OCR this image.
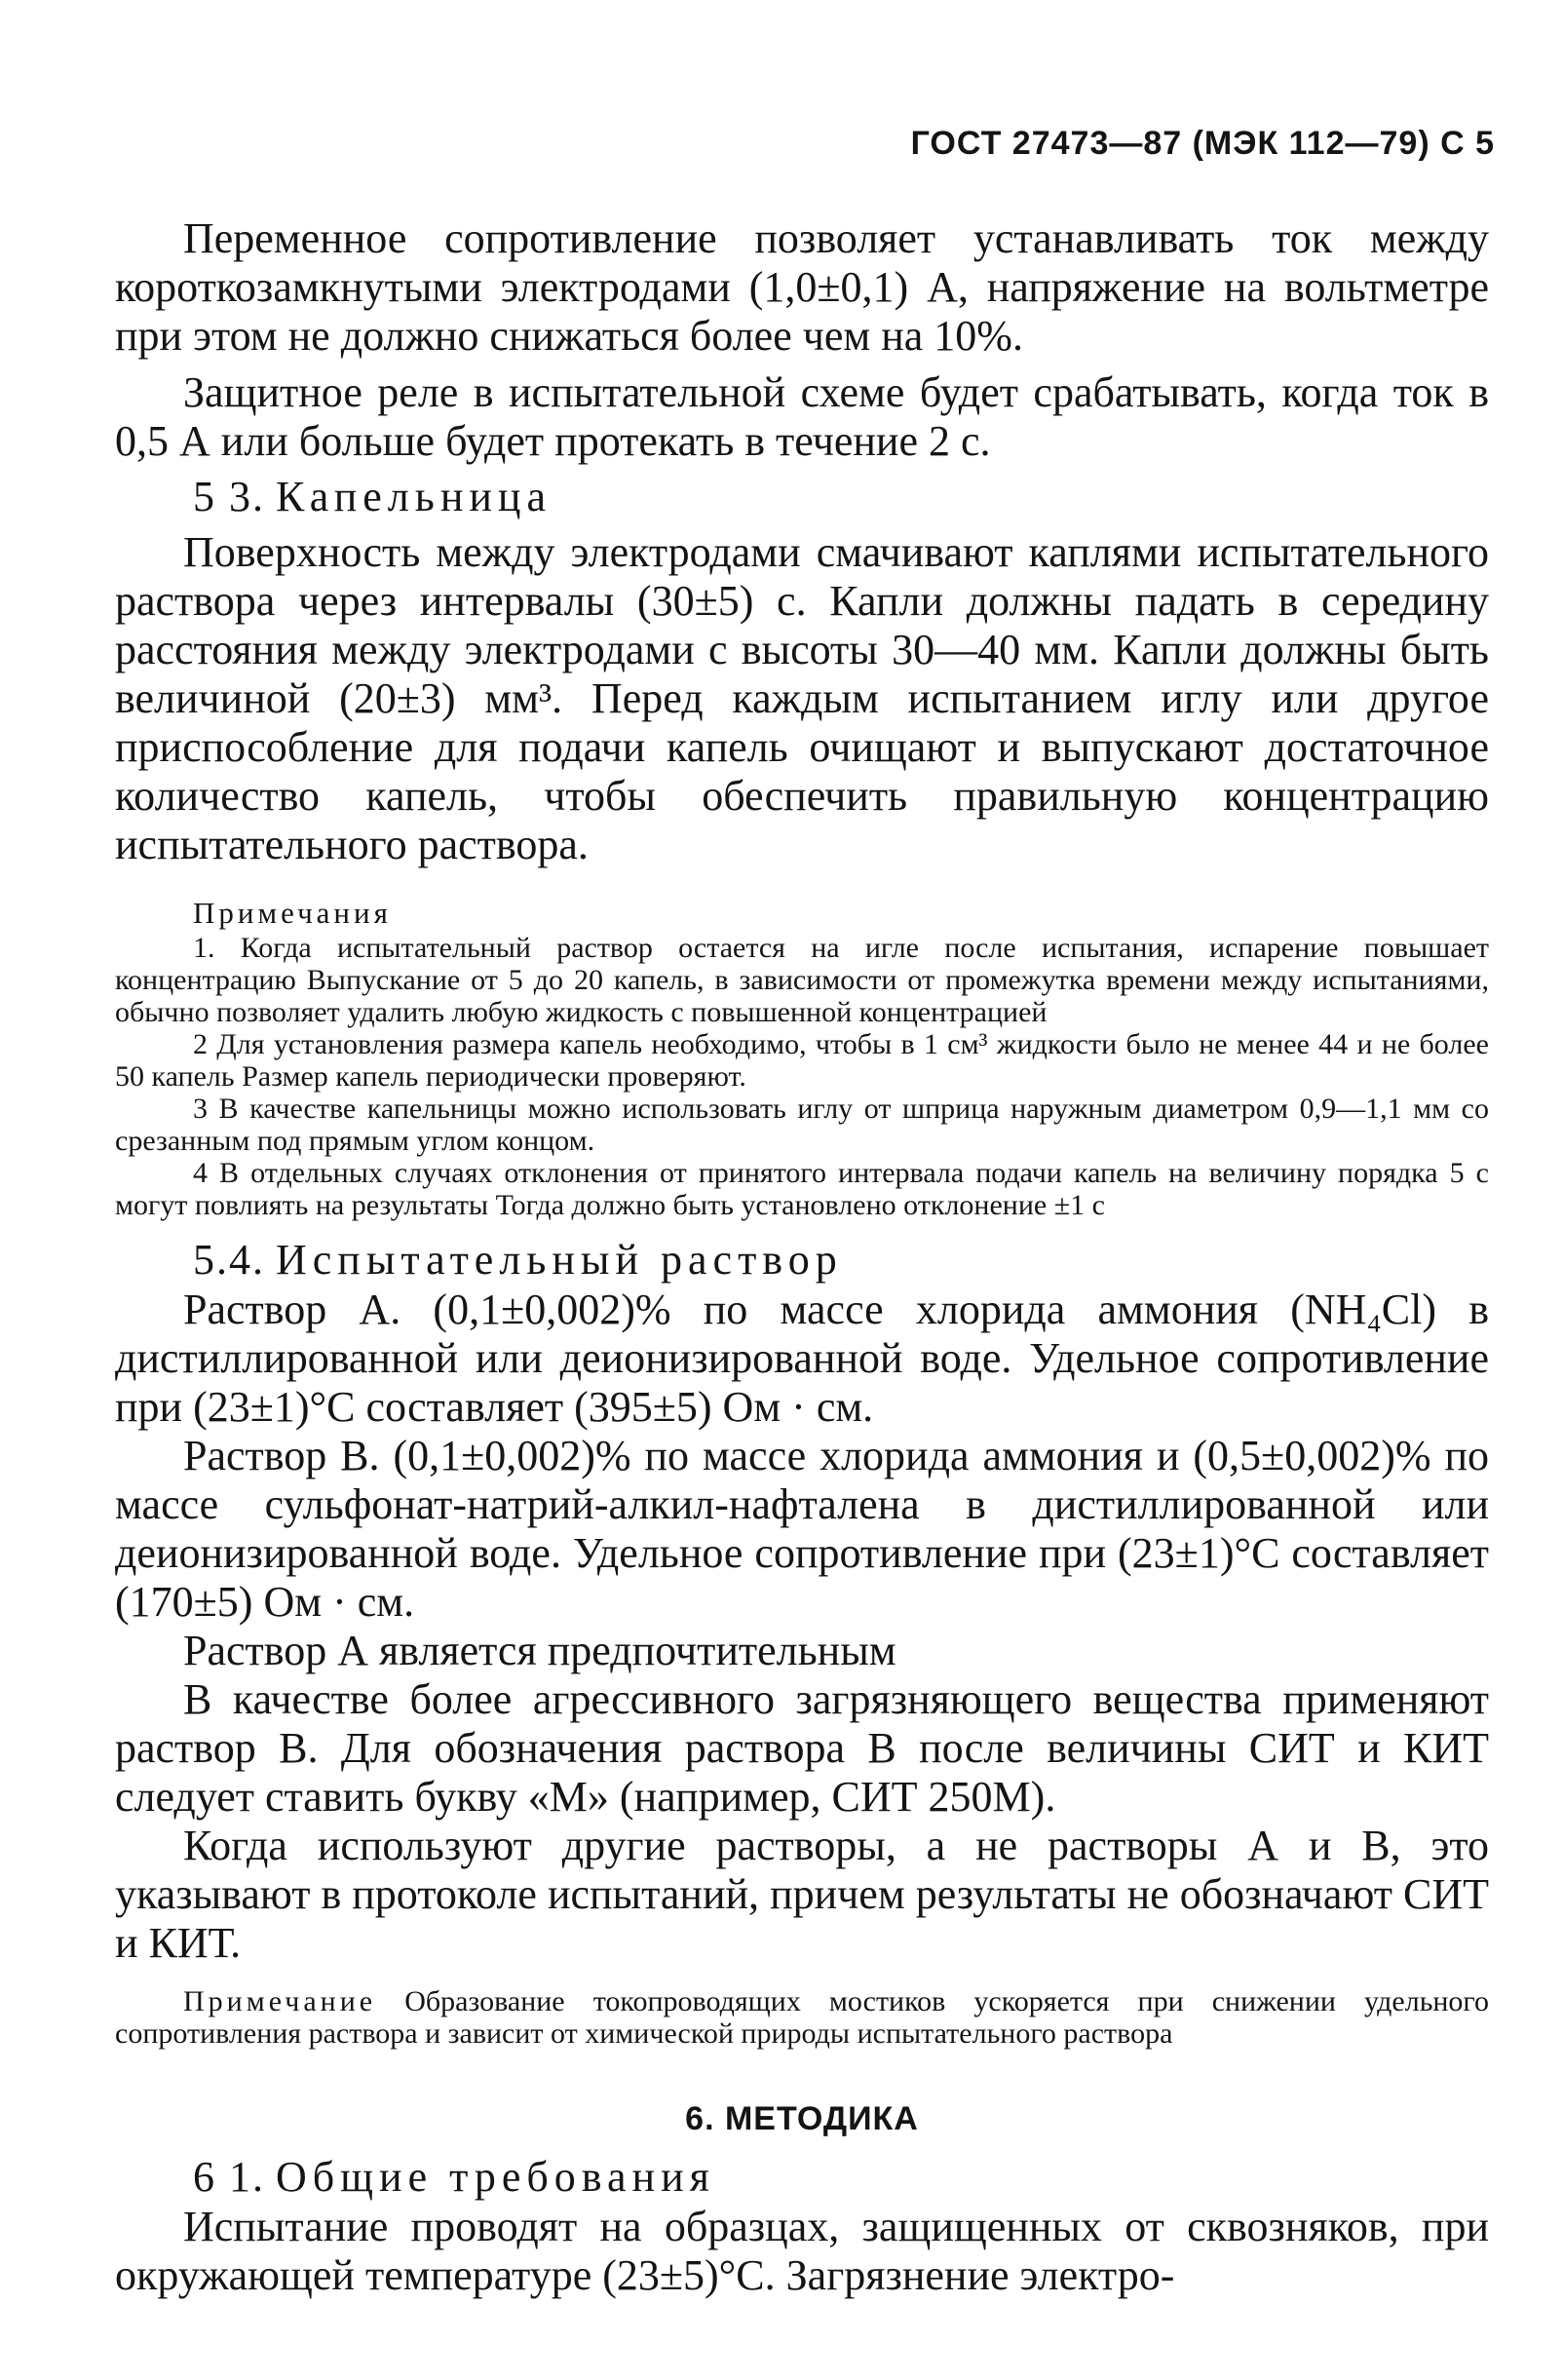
ГОСТ 27473—87 (МЭК 112—79) С 5

Переменное сопротивление позволяет устанавливать ток между короткозамкнутыми электродами (1,0±0,1) А, напряжение на вольтметре при этом не должно снижаться более чем на 10%.

Защитное реле в испытательной схеме будет срабатывать, когда ток в 0,5 А или больше будет протекать в течение 2 с.

5 3. Капельница

Поверхность между электродами смачивают каплями испытательного раствора через интервалы (30±5) с. Капли должны падать в середину расстояния между электродами с высоты 30—40 мм. Капли должны быть величиной (20±3) мм³. Перед каждым испытанием иглу или другое приспособление для подачи капель очищают и выпускают достаточное количество капель, чтобы обеспечить правильную концентрацию испытательного раствора.

Примечания

1. Когда испытательный раствор остается на игле после испытания, испарение повышает концентрацию Выпускание от 5 до 20 капель, в зависимости от промежутка времени между испытаниями, обычно позволяет удалить любую жидкость с повышенной концентрацией

2 Для установления размера капель необходимо, чтобы в 1 см³ жидкости было не менее 44 и не более 50 капель Размер капель периодически проверяют.

3 В качестве капельницы можно использовать иглу от шприца наружным диаметром 0,9—1,1 мм со срезанным под прямым углом концом.

4 В отдельных случаях отклонения от принятого интервала подачи капель на величину порядка 5 с могут повлиять на результаты Тогда должно быть установлено отклонение ±1 с

5.4. Испытательный раствор

Раствор А. (0,1±0,002)% по массе хлорида аммония (NH₄Cl) в дистиллированной или деионизированной воде. Удельное сопротивление при (23±1)°С составляет (395±5) Ом · см.

Раствор В. (0,1±0,002)% по массе хлорида аммония и (0,5±0,002)% по массе сульфонат-натрий-алкил-нафталена в дистиллированной или деионизированной воде. Удельное сопротивление при (23±1)°С составляет (170±5) Ом · см.

Раствор А является предпочтительным

В качестве более агрессивного загрязняющего вещества применяют раствор В. Для обозначения раствора В после величины СИТ и КИТ следует ставить букву «М» (например, СИТ 250М).

Когда используют другие растворы, а не растворы А и В, это указывают в протоколе испытаний, причем результаты не обозначают СИТ и КИТ.

Примечание Образование токопроводящих мостиков ускоряется при снижении удельного сопротивления раствора и зависит от химической природы испытательного раствора

6. МЕТОДИКА
6 1. Общие требования

Испытание проводят на образцах, защищенных от сквозняков, при окружающей температуре (23±5)°С. Загрязнение электро-
